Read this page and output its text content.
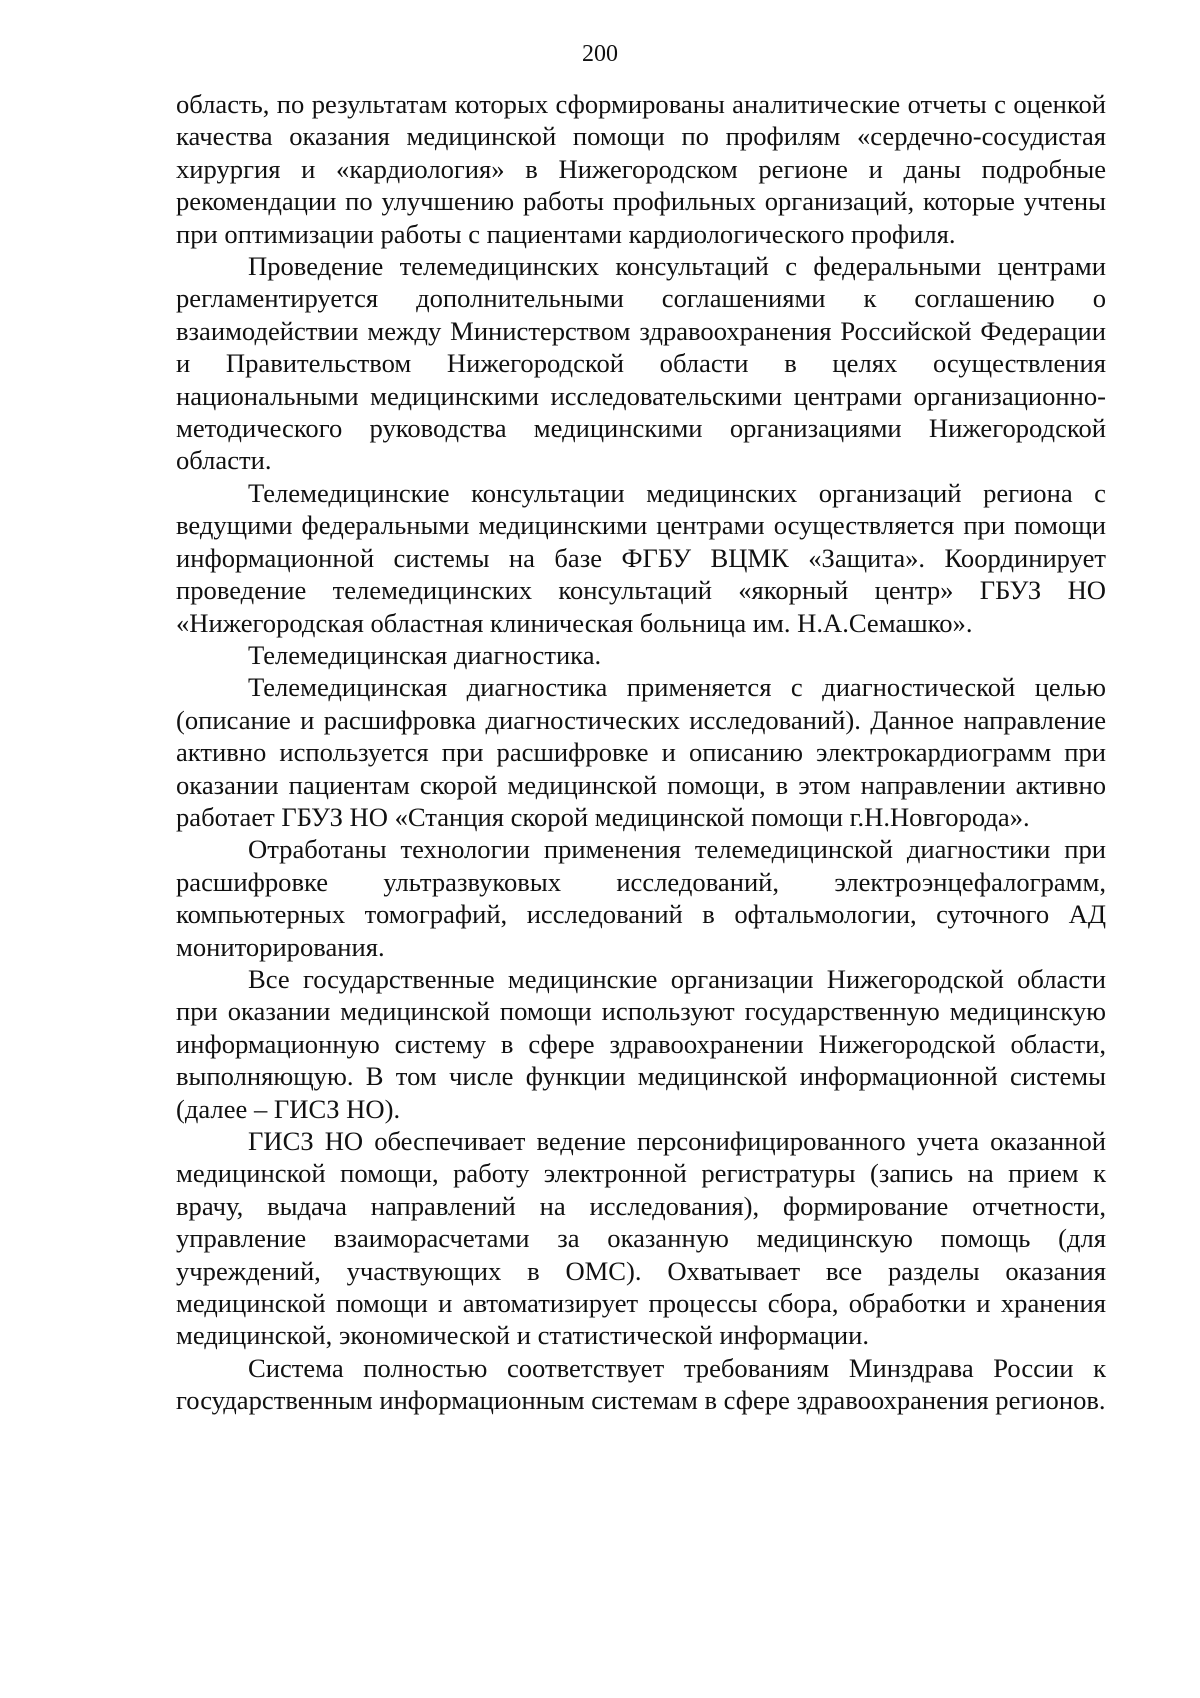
200

область, по результатам которых сформированы аналитические отчеты с оценкой качества оказания медицинской помощи по профилям «сердечно-сосудистая хирургия и «кардиология» в Нижегородском регионе и даны подробные рекомендации по улучшению работы профильных организаций, которые учтены при оптимизации работы с пациентами кардиологического профиля.

Проведение телемедицинских консультаций с федеральными центрами регламентируется дополнительными соглашениями к соглашению о взаимодействии между Министерством здравоохранения Российской Федерации и Правительством Нижегородской области в целях осуществления национальными медицинскими исследовательскими центрами организационно-методического руководства медицинскими организациями Нижегородской области.

Телемедицинские консультации медицинских организаций региона с ведущими федеральными медицинскими центрами осуществляется при помощи информационной системы на базе ФГБУ ВЦМК «Защита». Координирует проведение телемедицинских консультаций «якорный центр» ГБУЗ НО «Нижегородская областная клиническая больница им. Н.А.Семашко».

Телемедицинская диагностика.

Телемедицинская диагностика применяется с диагностической целью (описание и расшифровка диагностических исследований). Данное направление активно используется при расшифровке и описанию электрокардиограмм при оказании пациентам скорой медицинской помощи, в этом направлении активно работает ГБУЗ НО «Станция скорой медицинской помощи г.Н.Новгорода».

Отработаны технологии применения телемедицинской диагностики при расшифровке ультразвуковых исследований, электроэнцефалограмм, компьютерных томографий, исследований в офтальмологии, суточного АД мониторирования.

Все государственные медицинские организации Нижегородской области при оказании медицинской помощи используют государственную медицинскую информационную систему в сфере здравоохранении Нижегородской области, выполняющую. В том числе функции медицинской информационной системы (далее – ГИСЗ НО).

ГИСЗ НО обеспечивает ведение персонифицированного учета оказанной медицинской помощи, работу электронной регистратуры (запись на прием к врачу, выдача направлений на исследования), формирование отчетности, управление взаиморасчетами за оказанную медицинскую помощь (для учреждений, участвующих в ОМС). Охватывает все разделы оказания медицинской помощи и автоматизирует процессы сбора, обработки и хранения медицинской, экономической и статистической информации.

Система полностью соответствует требованиям Минздрава России к государственным информационным системам в сфере здравоохранения регионов.
